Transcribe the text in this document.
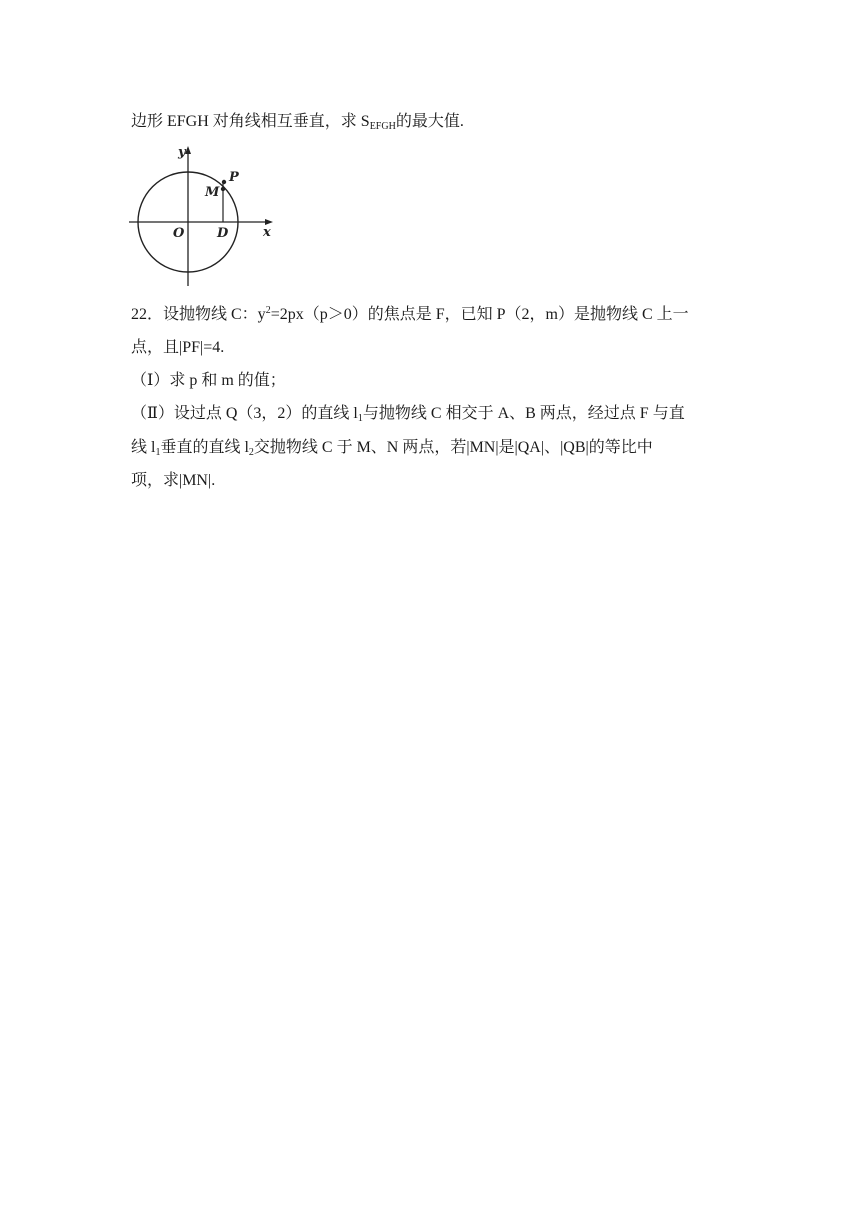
边形 EFGH 对角线相互垂直，求 SEFGH的最大值.
y
x
O	D
M
P
22．设抛物线 C：$y^2=2px(p>0)$的焦点是 F，已知 P（2，m）是抛物线 C 上一
点，且|PF|=4.
（Ⅰ）求 p 和 m 的值；
（Ⅱ）设过点 Q（3，2）的直线 l1与抛物线 C 相交于 A、B 两点，经过点 F 与直
线 l1垂直的直线 l2交抛物线 C 于 M、N 两点，若|MN|是|QA|、|QB|的等比中
项，求|MN|.
